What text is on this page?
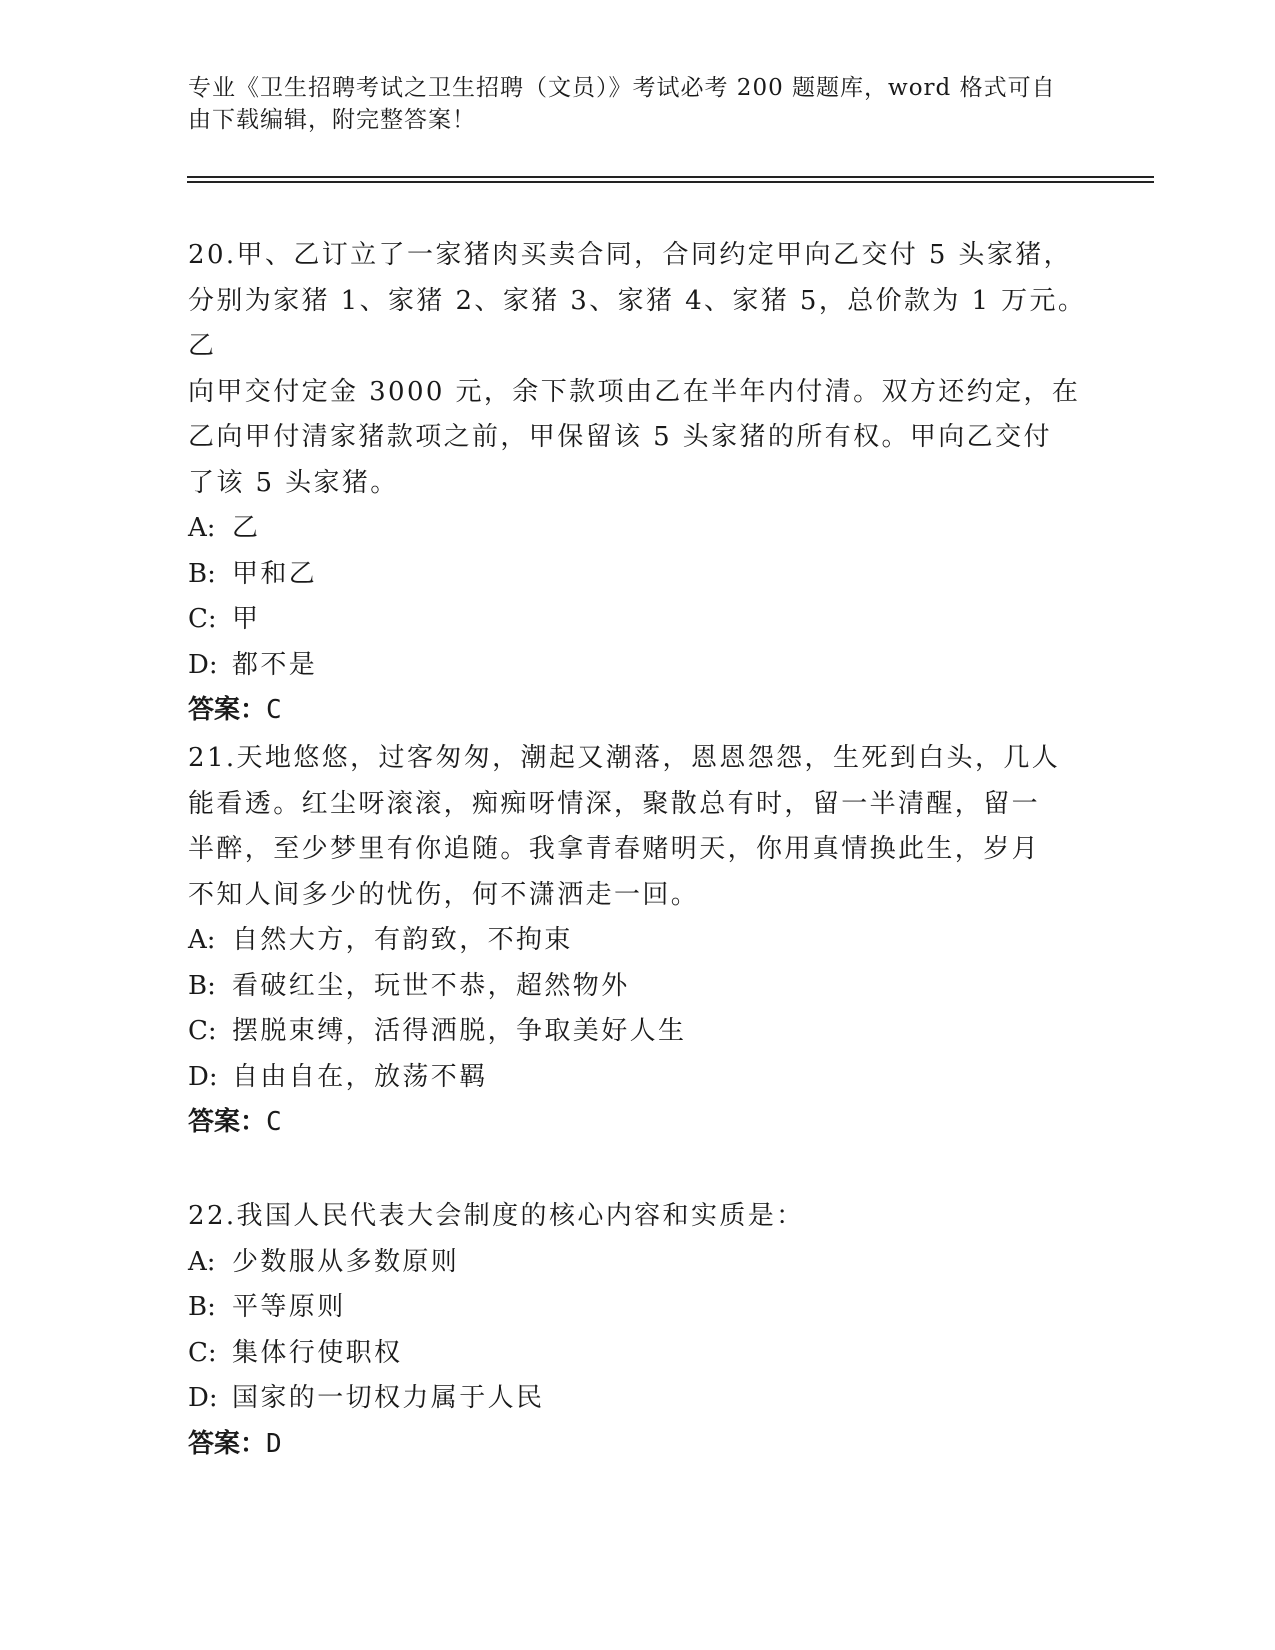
专业《卫生招聘考试之卫生招聘（文员）》考试必考 200 题题库，word 格式可自
由下载编辑，附完整答案！

20.甲、乙订立了一家猪肉买卖合同，合同约定甲向乙交付 5 头家猪，

分别为家猪 1、家猪 2、家猪 3、家猪 4、家猪 5，总价款为 1 万元。乙

向甲交付定金 3000 元，余下款项由乙在半年内付清。双方还约定，在

乙向甲付清家猪款项之前，甲保留该 5 头家猪的所有权。甲向乙交付

了该 5 头家猪。

A: 乙

B: 甲和乙

C: 甲

D: 都不是

答案：C

21.天地悠悠，过客匆匆，潮起又潮落，恩恩怨怨，生死到白头，几人

能看透。红尘呀滚滚，痴痴呀情深，聚散总有时，留一半清醒，留一

半醉，至少梦里有你追随。我拿青春赌明天，你用真情换此生，岁月

不知人间多少的忧伤，何不潇洒走一回。

A: 自然大方，有韵致，不拘束

B: 看破红尘，玩世不恭，超然物外

C: 摆脱束缚，活得洒脱，争取美好人生

D: 自由自在，放荡不羁

答案：C

22.我国人民代表大会制度的核心内容和实质是：

A: 少数服从多数原则

B: 平等原则

C: 集体行使职权

D: 国家的一切权力属于人民

答案：D
